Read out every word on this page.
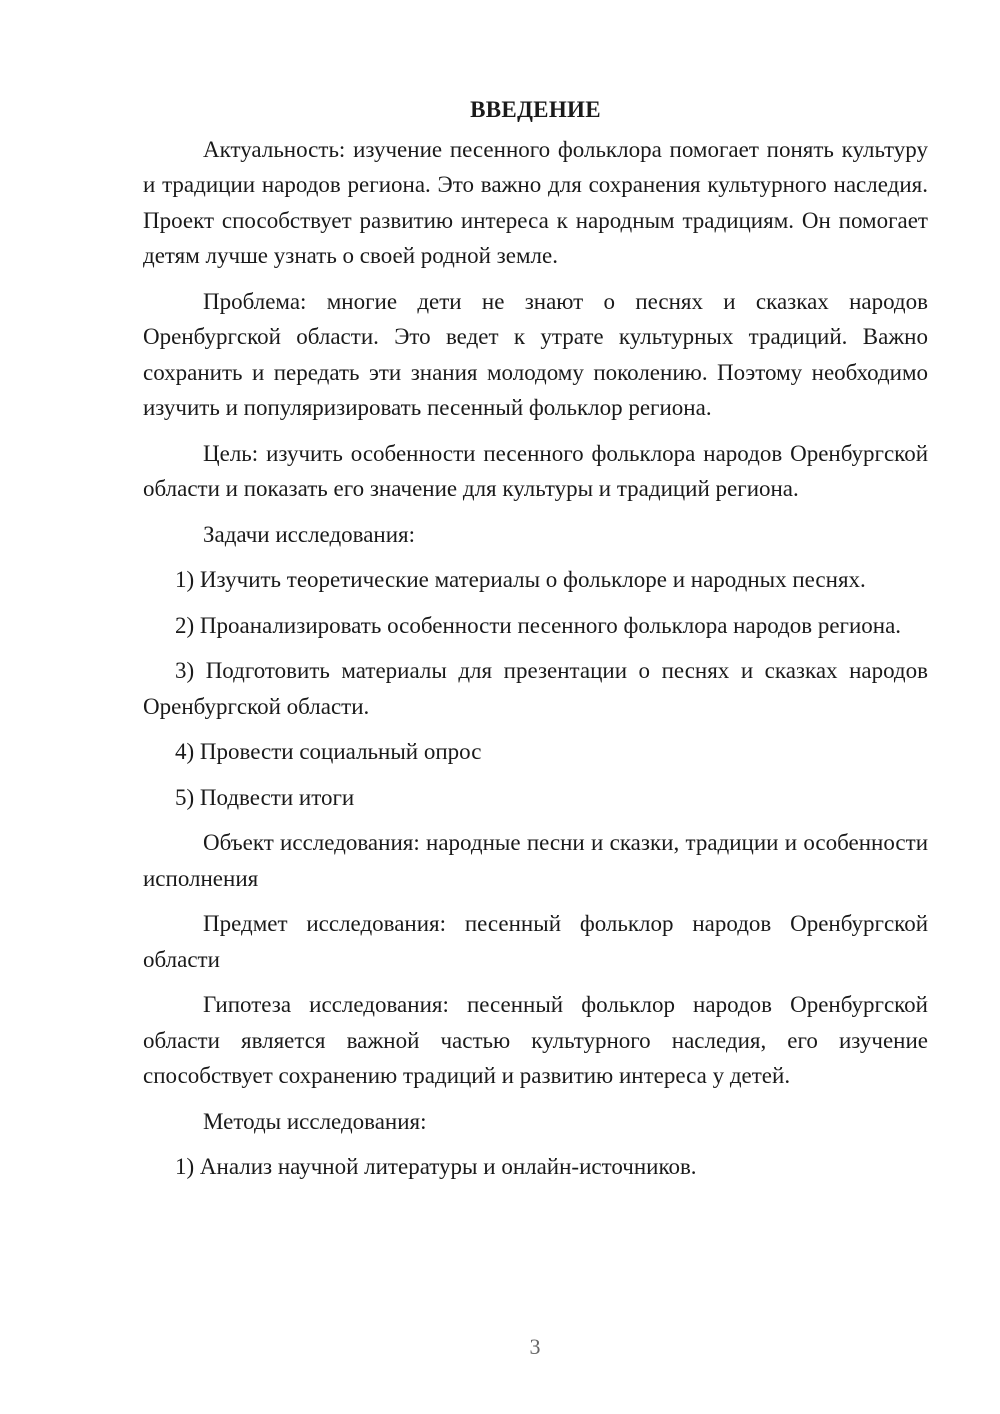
ВВЕДЕНИЕ

Актуальность: изучение песенного фольклора помогает понять культуру и традиции народов региона. Это важно для сохранения культурного наследия. Проект способствует развитию интереса к народным традициям. Он помогает детям лучше узнать о своей родной земле.

Проблема: многие дети не знают о песнях и сказках народов Оренбургской области. Это ведет к утрате культурных традиций. Важно сохранить и передать эти знания молодому поколению. Поэтому необходимо изучить и популяризировать песенный фольклор региона.

Цель: изучить особенности песенного фольклора народов Оренбургской области и показать его значение для культуры и традиций региона.

Задачи исследования:

1) Изучить теоретические материалы о фольклоре и народных песнях.

2) Проанализировать особенности песенного фольклора народов региона.

3) Подготовить материалы для презентации о песнях и сказках народов Оренбургской области.

4) Провести социальный опрос

5) Подвести итоги

Объект исследования: народные песни и сказки, традиции и особенности исполнения

Предмет исследования: песенный фольклор народов Оренбургской области

Гипотеза исследования: песенный фольклор народов Оренбургской области является важной частью культурного наследия, его изучение способствует сохранению традиций и развитию интереса у детей.

Методы исследования:

1) Анализ научной литературы и онлайн-источников.

3
